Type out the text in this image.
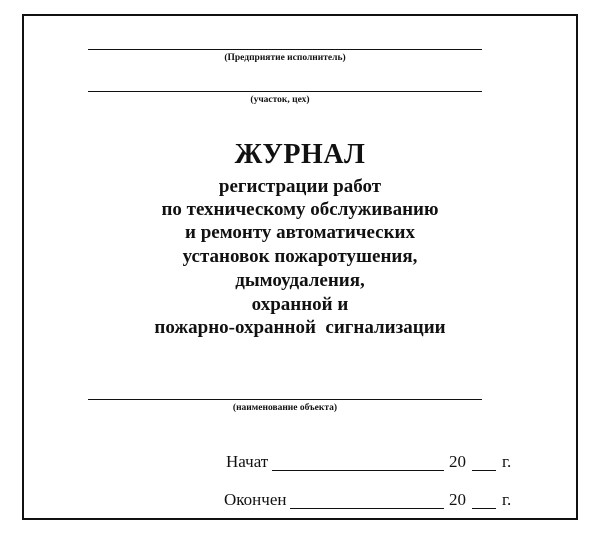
(Предприятие исполнитель)
(участок, цех)
ЖУРНАЛ
регистрации работ
по техническому обслуживанию
и ремонту автоматических
установок пожаротушения,
дымоудаления,
охранной и
пожарно-охранной  сигнализации
(наименование объекта)
Начат	20 г.
Окончен	20 г.
